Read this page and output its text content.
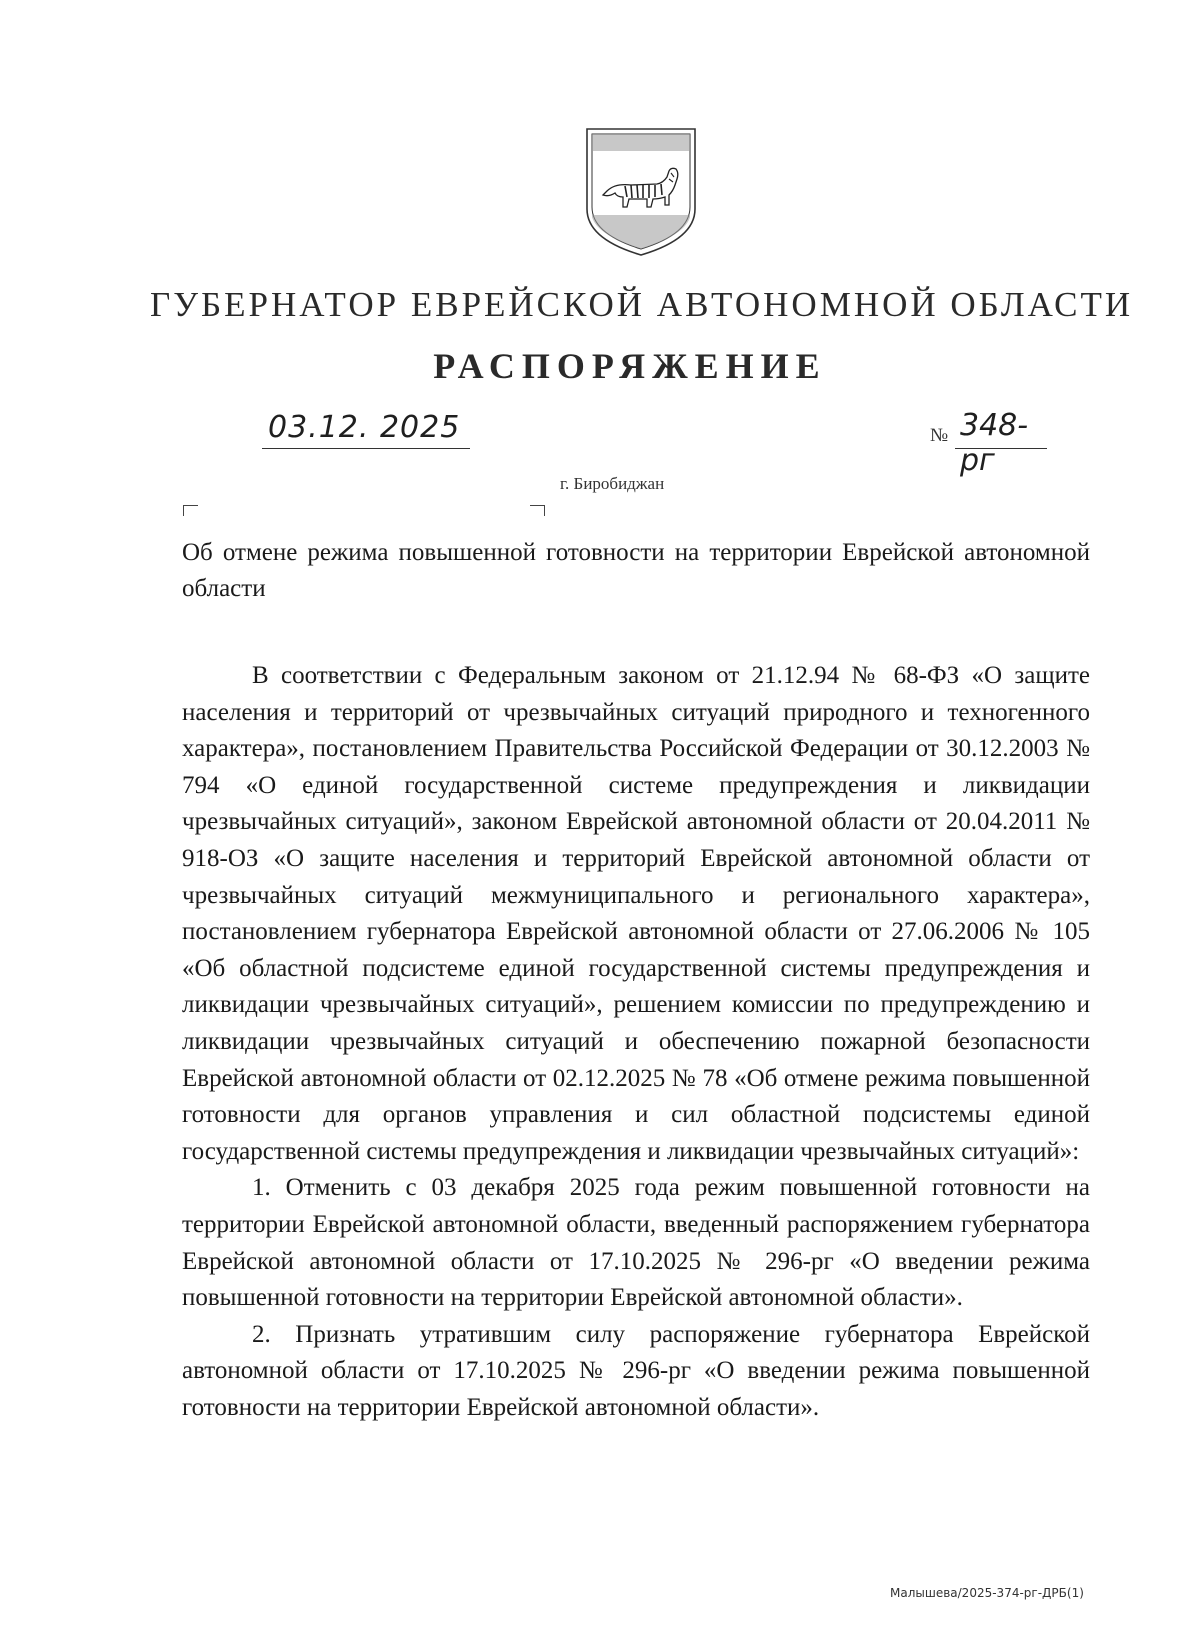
ГУБЕРНАТОР ЕВРЕЙСКОЙ АВТОНОМНОЙ ОБЛАСТИ
РАСПОРЯЖЕНИЕ
03.12. 2025	№ 348-рг
г. Биробиджан
Об отмене режима повышенной готовности на территории Еврейской автономной области

В соответствии с Федеральным законом от 21.12.94 № 68-ФЗ «О защите населения и территорий от чрезвычайных ситуаций природного и техногенного характера», постановлением Правительства Российской Федерации от 30.12.2003 № 794 «О единой государственной системе предупреждения и ликвидации чрезвычайных ситуаций», законом Еврейской автономной области от 20.04.2011 № 918-ОЗ «О защите населения и территорий Еврейской автономной области от чрезвычайных ситуаций межмуниципального и регионального характера», постановлением губернатора Еврейской автономной области от 27.06.2006 № 105 «Об областной подсистеме единой государственной системы предупреждения и ликвидации чрезвычайных ситуаций», решением комиссии по предупреждению и ликвидации чрезвычайных ситуаций и обеспечению пожарной безопасности Еврейской автономной области от 02.12.2025 № 78 «Об отмене режима повышенной готовности для органов управления и сил областной подсистемы единой государственной системы предупреждения и ликвидации чрезвычайных ситуаций»:

1. Отменить с 03 декабря 2025 года режим повышенной готовности на территории Еврейской автономной области, введенный распоряжением губернатора Еврейской автономной области от 17.10.2025 № 296-рг «О введении режима повышенной готовности на территории Еврейской автономной области».

2. Признать утратившим силу распоряжение губернатора Еврейской автономной области от 17.10.2025 № 296-рг «О введении режима повышенной готовности на территории Еврейской автономной области».

Малышева/2025-374-рг-ДРБ(1)
